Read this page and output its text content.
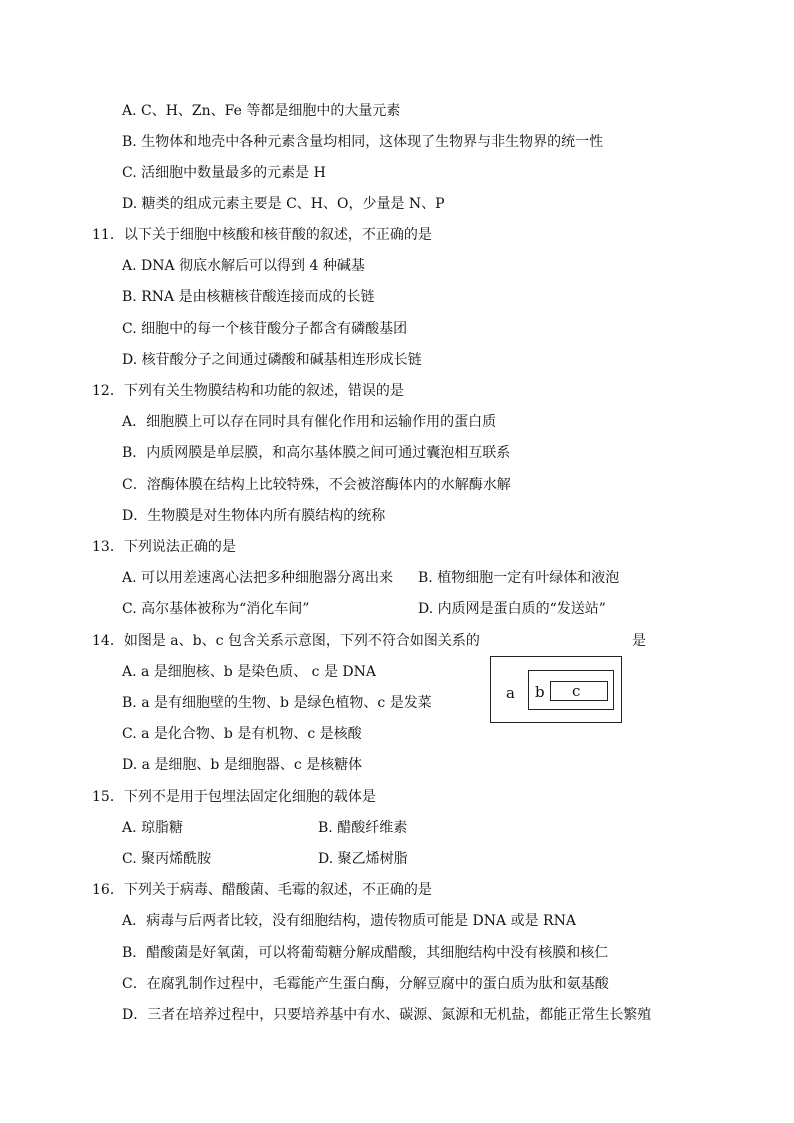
A. C、H、Zn、Fe 等都是细胞中的大量元素
B. 生物体和地壳中各种元素含量均相同，这体现了生物界与非生物界的统一性
C. 活细胞中数量最多的元素是 H
D. 糖类的组成元素主要是 C、H、O，少量是 N、P
11．以下关于细胞中核酸和核苷酸的叙述，不正确的是
A. DNA 彻底水解后可以得到 4 种碱基
B. RNA 是由核糖核苷酸连接而成的长链
C. 细胞中的每一个核苷酸分子都含有磷酸基团
D. 核苷酸分子之间通过磷酸和碱基相连形成长链
12．下列有关生物膜结构和功能的叙述，错误的是
A．细胞膜上可以存在同时具有催化作用和运输作用的蛋白质
B．内质网膜是单层膜，和高尔基体膜之间可通过囊泡相互联系
C．溶酶体膜在结构上比较特殊，不会被溶酶体内的水解酶水解
D．生物膜是对生物体内所有膜结构的统称
13．下列说法正确的是
A. 可以用差速离心法把多种细胞器分离出来 B. 植物细胞一定有叶绿体和液泡
C. 高尔基体被称为“消化车间”	D. 内质网是蛋白质的“发送站”
14．如图是 a、b、c 包含关系示意图，下列不符合如图关系的	是
A. a 是细胞核、b 是染色质、 c 是 DNA
B. a 是有细胞壁的生物、b 是绿色植物、c 是发菜
C. a 是化合物、b 是有机物、c 是核酸
D. a 是细胞、b 是细胞器、c 是核糖体
15．下列不是用于包埋法固定化细胞的载体是
A. 琼脂糖	B. 醋酸纤维素
C. 聚丙烯酰胺	D. 聚乙烯树脂
16．下列关于病毒、醋酸菌、毛霉的叙述，不正确的是
A．病毒与后两者比较，没有细胞结构，遗传物质可能是 DNA 或是 RNA
B．醋酸菌是好氧菌，可以将葡萄糖分解成醋酸，其细胞结构中没有核膜和核仁
C．在腐乳制作过程中，毛霉能产生蛋白酶，分解豆腐中的蛋白质为肽和氨基酸
D．三者在培养过程中，只要培养基中有水、碳源、氮源和无机盐，都能正常生长繁殖
a b c
